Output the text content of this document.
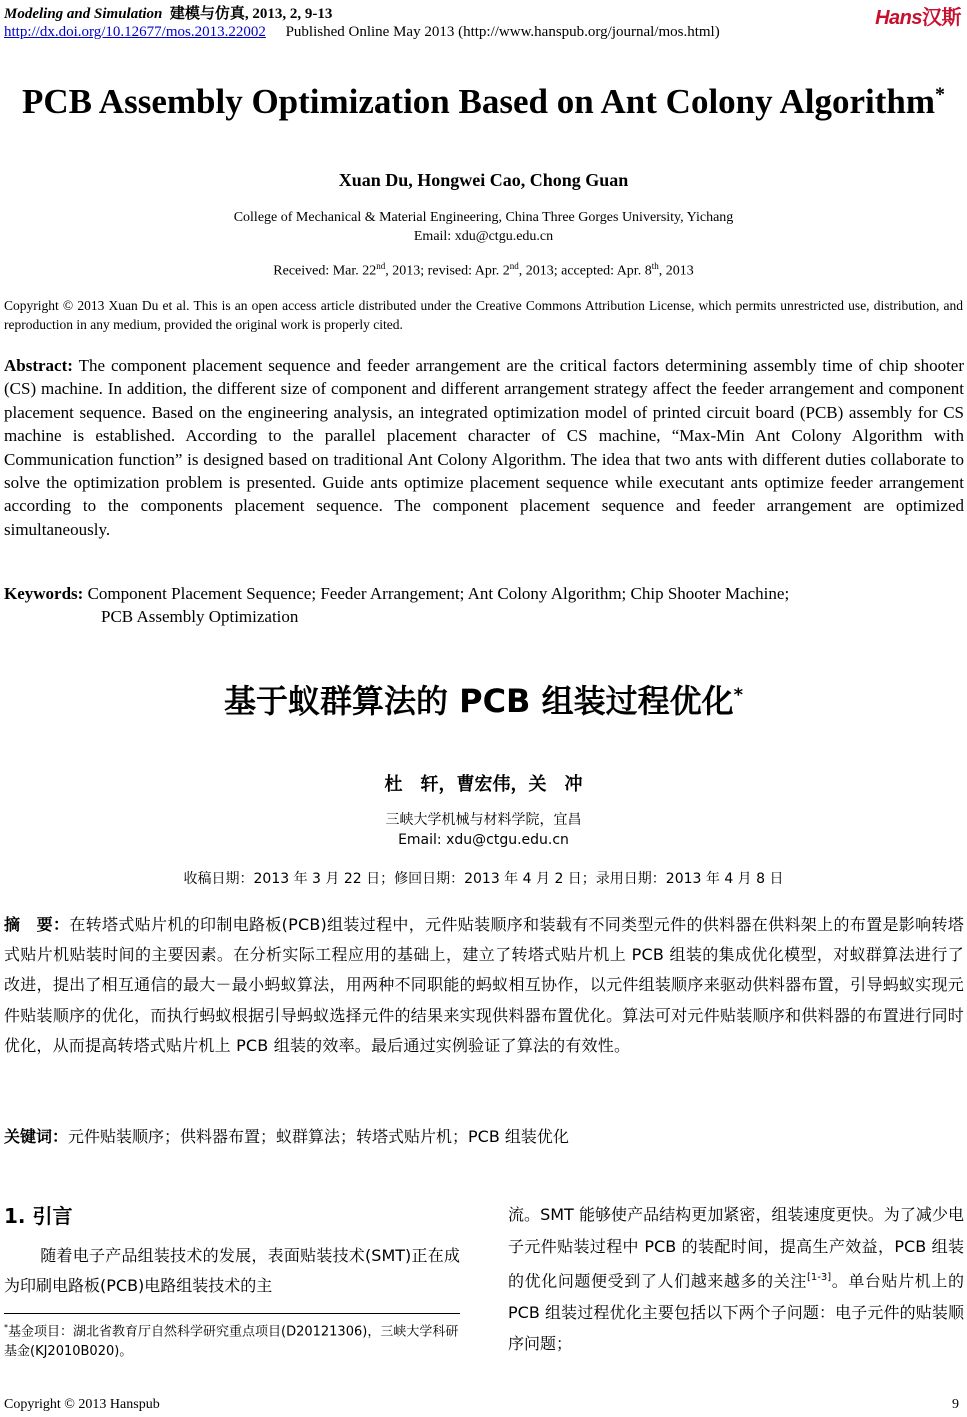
Modeling and Simulation 建模与仿真, 2013, 2, 9-13
http://dx.doi.org/10.12677/mos.2013.22002 Published Online May 2013 (http://www.hanspub.org/journal/mos.html)
Hans汉斯
PCB Assembly Optimization Based on Ant Colony Algorithm*
Xuan Du, Hongwei Cao, Chong Guan
College of Mechanical & Material Engineering, China Three Gorges University, Yichang
Email: xdu@ctgu.edu.cn
Received: Mar. 22nd, 2013; revised: Apr. 2nd, 2013; accepted: Apr. 8th, 2013
Copyright © 2013 Xuan Du et al. This is an open access article distributed under the Creative Commons Attribution License, which permits unrestricted use, distribution, and reproduction in any medium, provided the original work is properly cited.
Abstract: The component placement sequence and feeder arrangement are the critical factors determining assembly time of chip shooter (CS) machine. In addition, the different size of component and different arrangement strategy affect the feeder arrangement and component placement sequence. Based on the engineering analysis, an integrated optimization model of printed circuit board (PCB) assembly for CS machine is established. According to the parallel placement character of CS machine, “Max-Min Ant Colony Algorithm with Communication function” is designed based on traditional Ant Colony Algorithm. The idea that two ants with different duties collaborate to solve the optimization problem is presented. Guide ants optimize placement sequence while executant ants optimize feeder arrangement according to the components placement sequence. The component placement sequence and feeder arrangement are optimized simultaneously.
Keywords: Component Placement Sequence; Feeder Arrangement; Ant Colony Algorithm; Chip Shooter Machine;
PCB Assembly Optimization
基于蚁群算法的 PCB 组装过程优化*
杜　轩，曹宏伟，关　冲
三峡大学机械与材料学院，宜昌
Email: xdu@ctgu.edu.cn
收稿日期：2013 年 3 月 22 日；修回日期：2013 年 4 月 2 日；录用日期：2013 年 4 月 8 日
摘　要：在转塔式贴片机的印制电路板(PCB)组装过程中，元件贴装顺序和装载有不同类型元件的供料器在供料架上的布置是影响转塔式贴片机贴装时间的主要因素。在分析实际工程应用的基础上，建立了转塔式贴片机上 PCB 组装的集成优化模型，对蚁群算法进行了改进，提出了相互通信的最大－最小蚂蚁算法，用两种不同职能的蚂蚁相互协作，以元件组装顺序来驱动供料器布置，引导蚂蚁实现元件贴装顺序的优化，而执行蚂蚁根据引导蚂蚁选择元件的结果来实现供料器布置优化。算法可对元件贴装顺序和供料器的布置进行同时优化，从而提高转塔式贴片机上 PCB 组装的效率。最后通过实例验证了算法的有效性。
关键词：元件贴装顺序；供料器布置；蚁群算法；转塔式贴片机；PCB 组装优化
1. 引言
随着电子产品组装技术的发展，表面贴装技术(SMT)正在成为印刷电路板(PCB)电路组装技术的主
*基金项目：湖北省教育厅自然科学研究重点项目(D20121306)，三峡大学科研基金(KJ2010B020)。
流。SMT 能够使产品结构更加紧密，组装速度更快。为了减少电子元件贴装过程中 PCB 的装配时间，提高生产效益，PCB 组装的优化问题便受到了人们越来越多的关注[1-3]。单台贴片机上的 PCB 组装过程优化主要包括以下两个子问题：电子元件的贴装顺序问题；
Copyright © 2013 Hanspub	9
